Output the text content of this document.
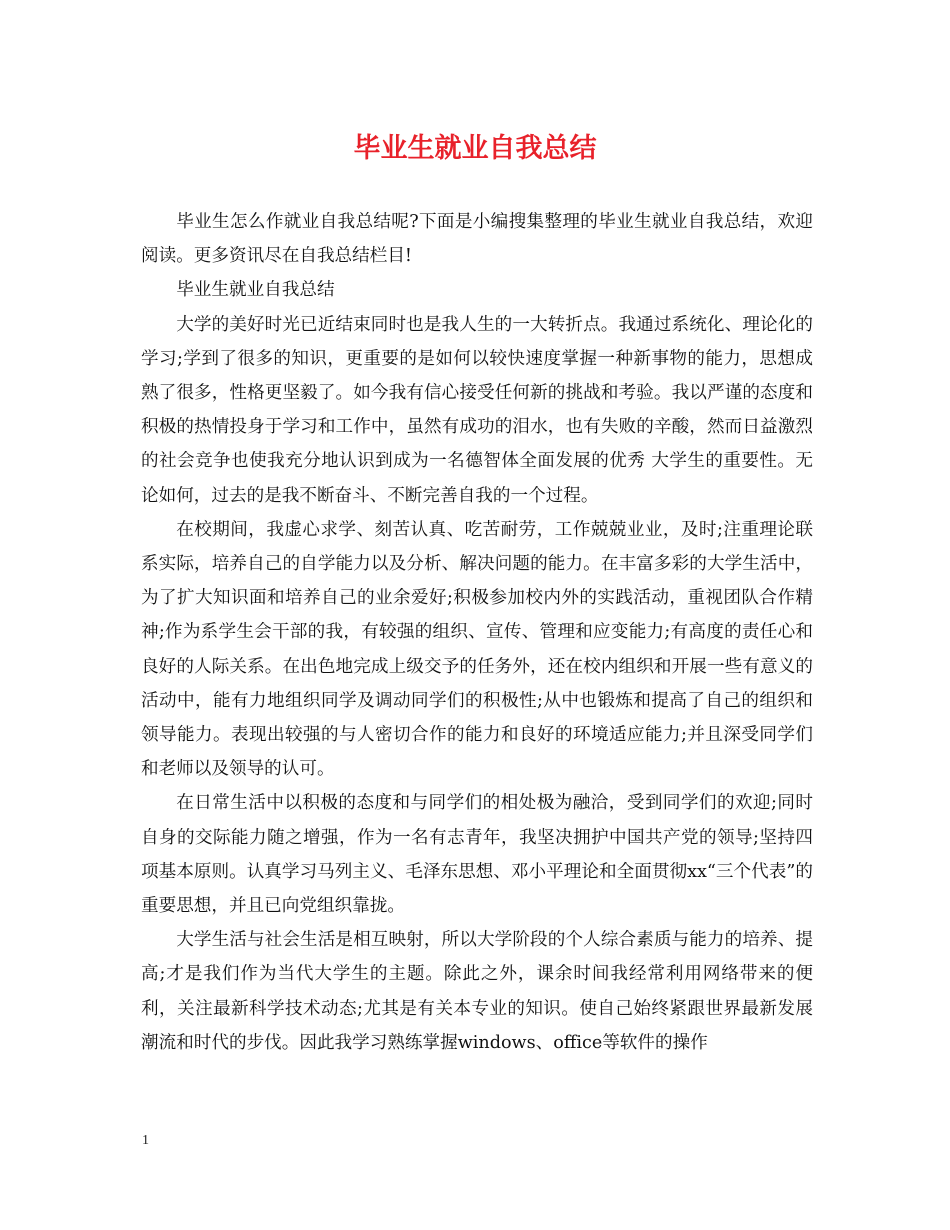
毕业生就业自我总结

毕业生怎么作就业自我总结呢?下面是小编搜集整理的毕业生就业自我总结，欢迎阅读。更多资讯尽在自我总结栏目!

毕业生就业自我总结

大学的美好时光已近结束同时也是我人生的一大转折点。我通过系统化、理论化的学习;学到了很多的知识，更重要的是如何以较快速度掌握一种新事物的能力，思想成熟了很多，性格更坚毅了。如今我有信心接受任何新的挑战和考验。我以严谨的态度和积极的热情投身于学习和工作中，虽然有成功的泪水，也有失败的辛酸，然而日益激烈的社会竞争也使我充分地认识到成为一名德智体全面发展的优秀 大学生的重要性。无论如何，过去的是我不断奋斗、不断完善自我的一个过程。

在校期间，我虚心求学、刻苦认真、吃苦耐劳，工作兢兢业业，及时;注重理论联系实际，培养自己的自学能力以及分析、解决问题的能力。在丰富多彩的大学生活中，为了扩大知识面和培养自己的业余爱好;积极参加校内外的实践活动，重视团队合作精神;作为系学生会干部的我，有较强的组织、宣传、管理和应变能力;有高度的责任心和良好的人际关系。在出色地完成上级交予的任务外，还在校内组织和开展一些有意义的活动中，能有力地组织同学及调动同学们的积极性;从中也锻炼和提高了自己的组织和领导能力。表现出较强的与人密切合作的能力和良好的环境适应能力;并且深受同学们和老师以及领导的认可。

在日常生活中以积极的态度和与同学们的相处极为融洽，受到同学们的欢迎;同时自身的交际能力随之增强，作为一名有志青年，我坚决拥护中国共产党的领导;坚持四项基本原则。认真学习马列主义、毛泽东思想、邓小平理论和全面贯彻xx“三个代表”的重要思想，并且已向党组织靠拢。

大学生活与社会生活是相互映射，所以大学阶段的个人综合素质与能力的培养、提高;才是我们作为当代大学生的主题。除此之外，课余时间我经常利用网络带来的便利，关注最新科学技术动态;尤其是有关本专业的知识。使自己始终紧跟世界最新发展潮流和时代的步伐。因此我学习熟练掌握windows、office等软件的操作

1
